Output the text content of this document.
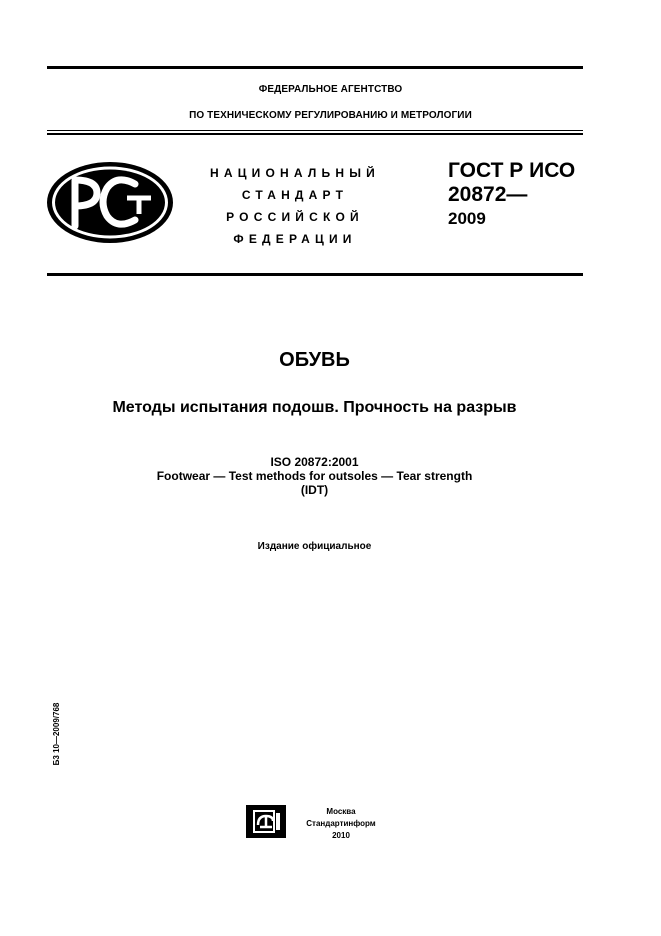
ФЕДЕРАЛЬНОЕ АГЕНТСТВО
ПО ТЕХНИЧЕСКОМУ РЕГУЛИРОВАНИЮ И МЕТРОЛОГИИ
НАЦИОНАЛЬНЫЙ
СТАНДАРТ
РОССИЙСКОЙ
ФЕДЕРАЦИИ
ГОСТ Р ИСО
20872—
2009
ОБУВЬ
Методы испытания подошв. Прочность на разрыв
ISO 20872:2001
Footwear — Test methods for outsoles — Tear strength
(IDT)
Издание официальное
Б3 10—2009/768
Москва
Стандартинформ
2010
